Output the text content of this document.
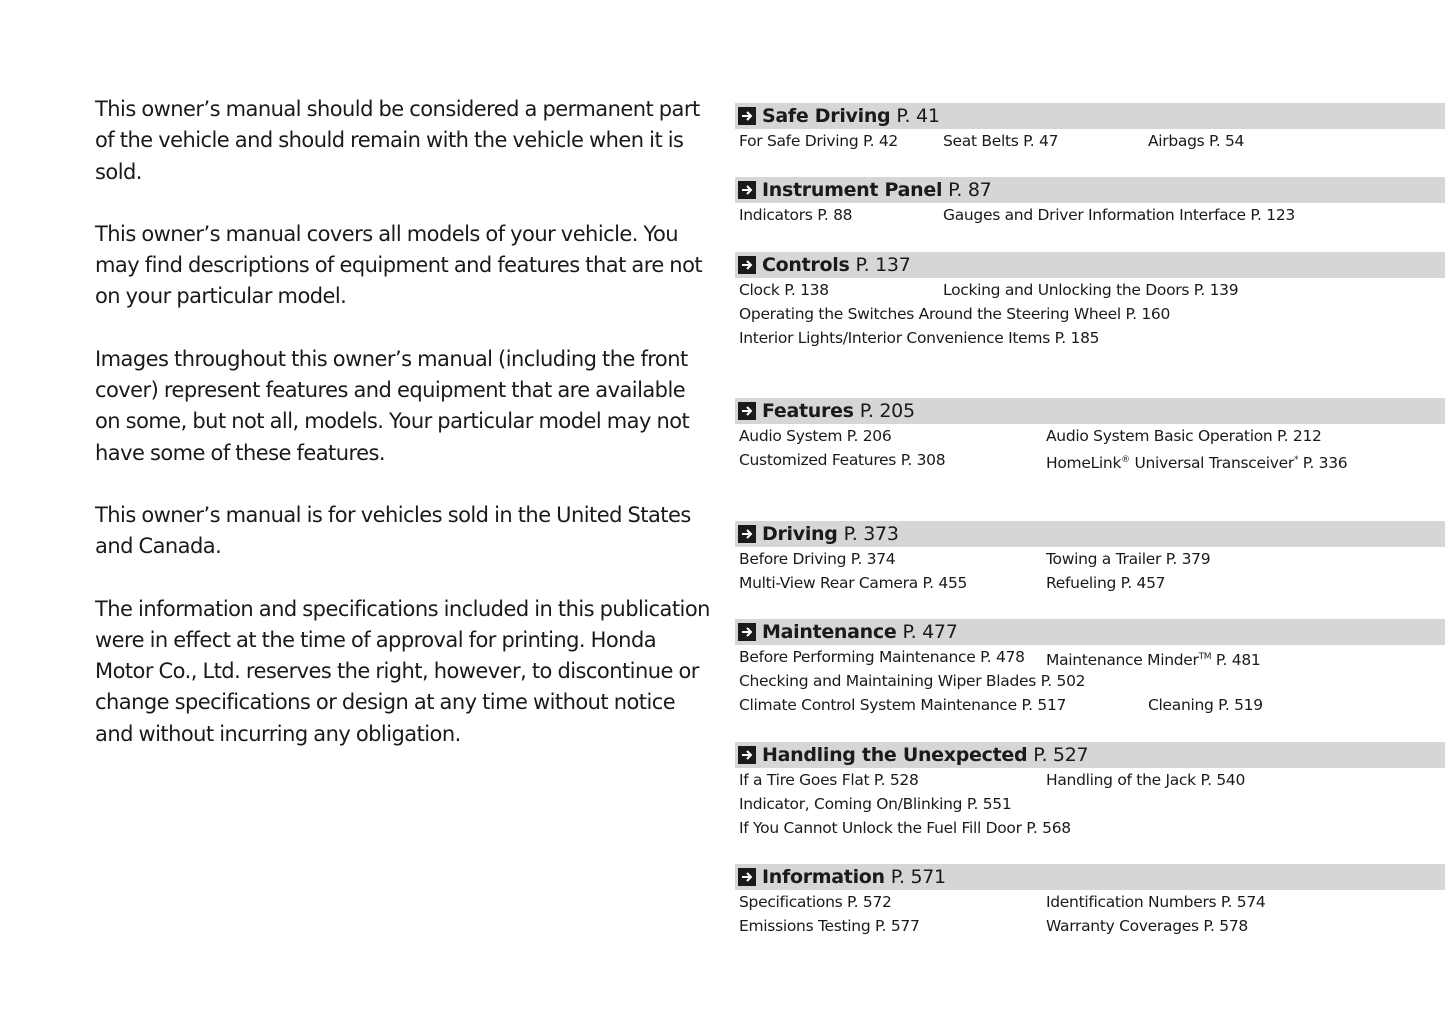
This owner’s manual should be considered a permanent part of the vehicle and should remain with the vehicle when it is sold.

This owner’s manual covers all models of your vehicle. You may find descriptions of equipment and features that are not on your particular model.

Images throughout this owner’s manual (including the front cover) represent features and equipment that are available on some, but not all, models. Your particular model may not have some of these features.

This owner’s manual is for vehicles sold in the United States and Canada.

The information and specifications included in this publication were in effect at the time of approval for printing. Honda Motor Co., Ltd. reserves the right, however, to discontinue or change specifications or design at any time without notice and without incurring any obligation.

Safe Driving P. 41
For Safe Driving P. 42	Seat Belts P. 47	Airbags P. 54
Instrument Panel P. 87
Indicators P. 88	Gauges and Driver Information Interface P. 123
Controls P. 137
Clock P. 138	Locking and Unlocking the Doors P. 139
Operating the Switches Around the Steering Wheel P. 160
Interior Lights/Interior Convenience Items P. 185
Features P. 205
Audio System P. 206	Audio System Basic Operation P. 212
Customized Features P. 308	HomeLink® Universal Transceiver* P. 336
Driving P. 373
Before Driving P. 374	Towing a Trailer P. 379
Multi-View Rear Camera P. 455	Refueling P. 457
Maintenance P. 477
Before Performing Maintenance P. 478 Maintenance Minder™ P. 481
Checking and Maintaining Wiper Blades P. 502
Climate Control System Maintenance P. 517	Cleaning P. 519
Handling the Unexpected P. 527
If a Tire Goes Flat P. 528	Handling of the Jack P. 540
Indicator, Coming On/Blinking P. 551
If You Cannot Unlock the Fuel Fill Door P. 568
Information P. 571
Specifications P. 572	Identification Numbers P. 574
Emissions Testing P. 577	Warranty Coverages P. 578
